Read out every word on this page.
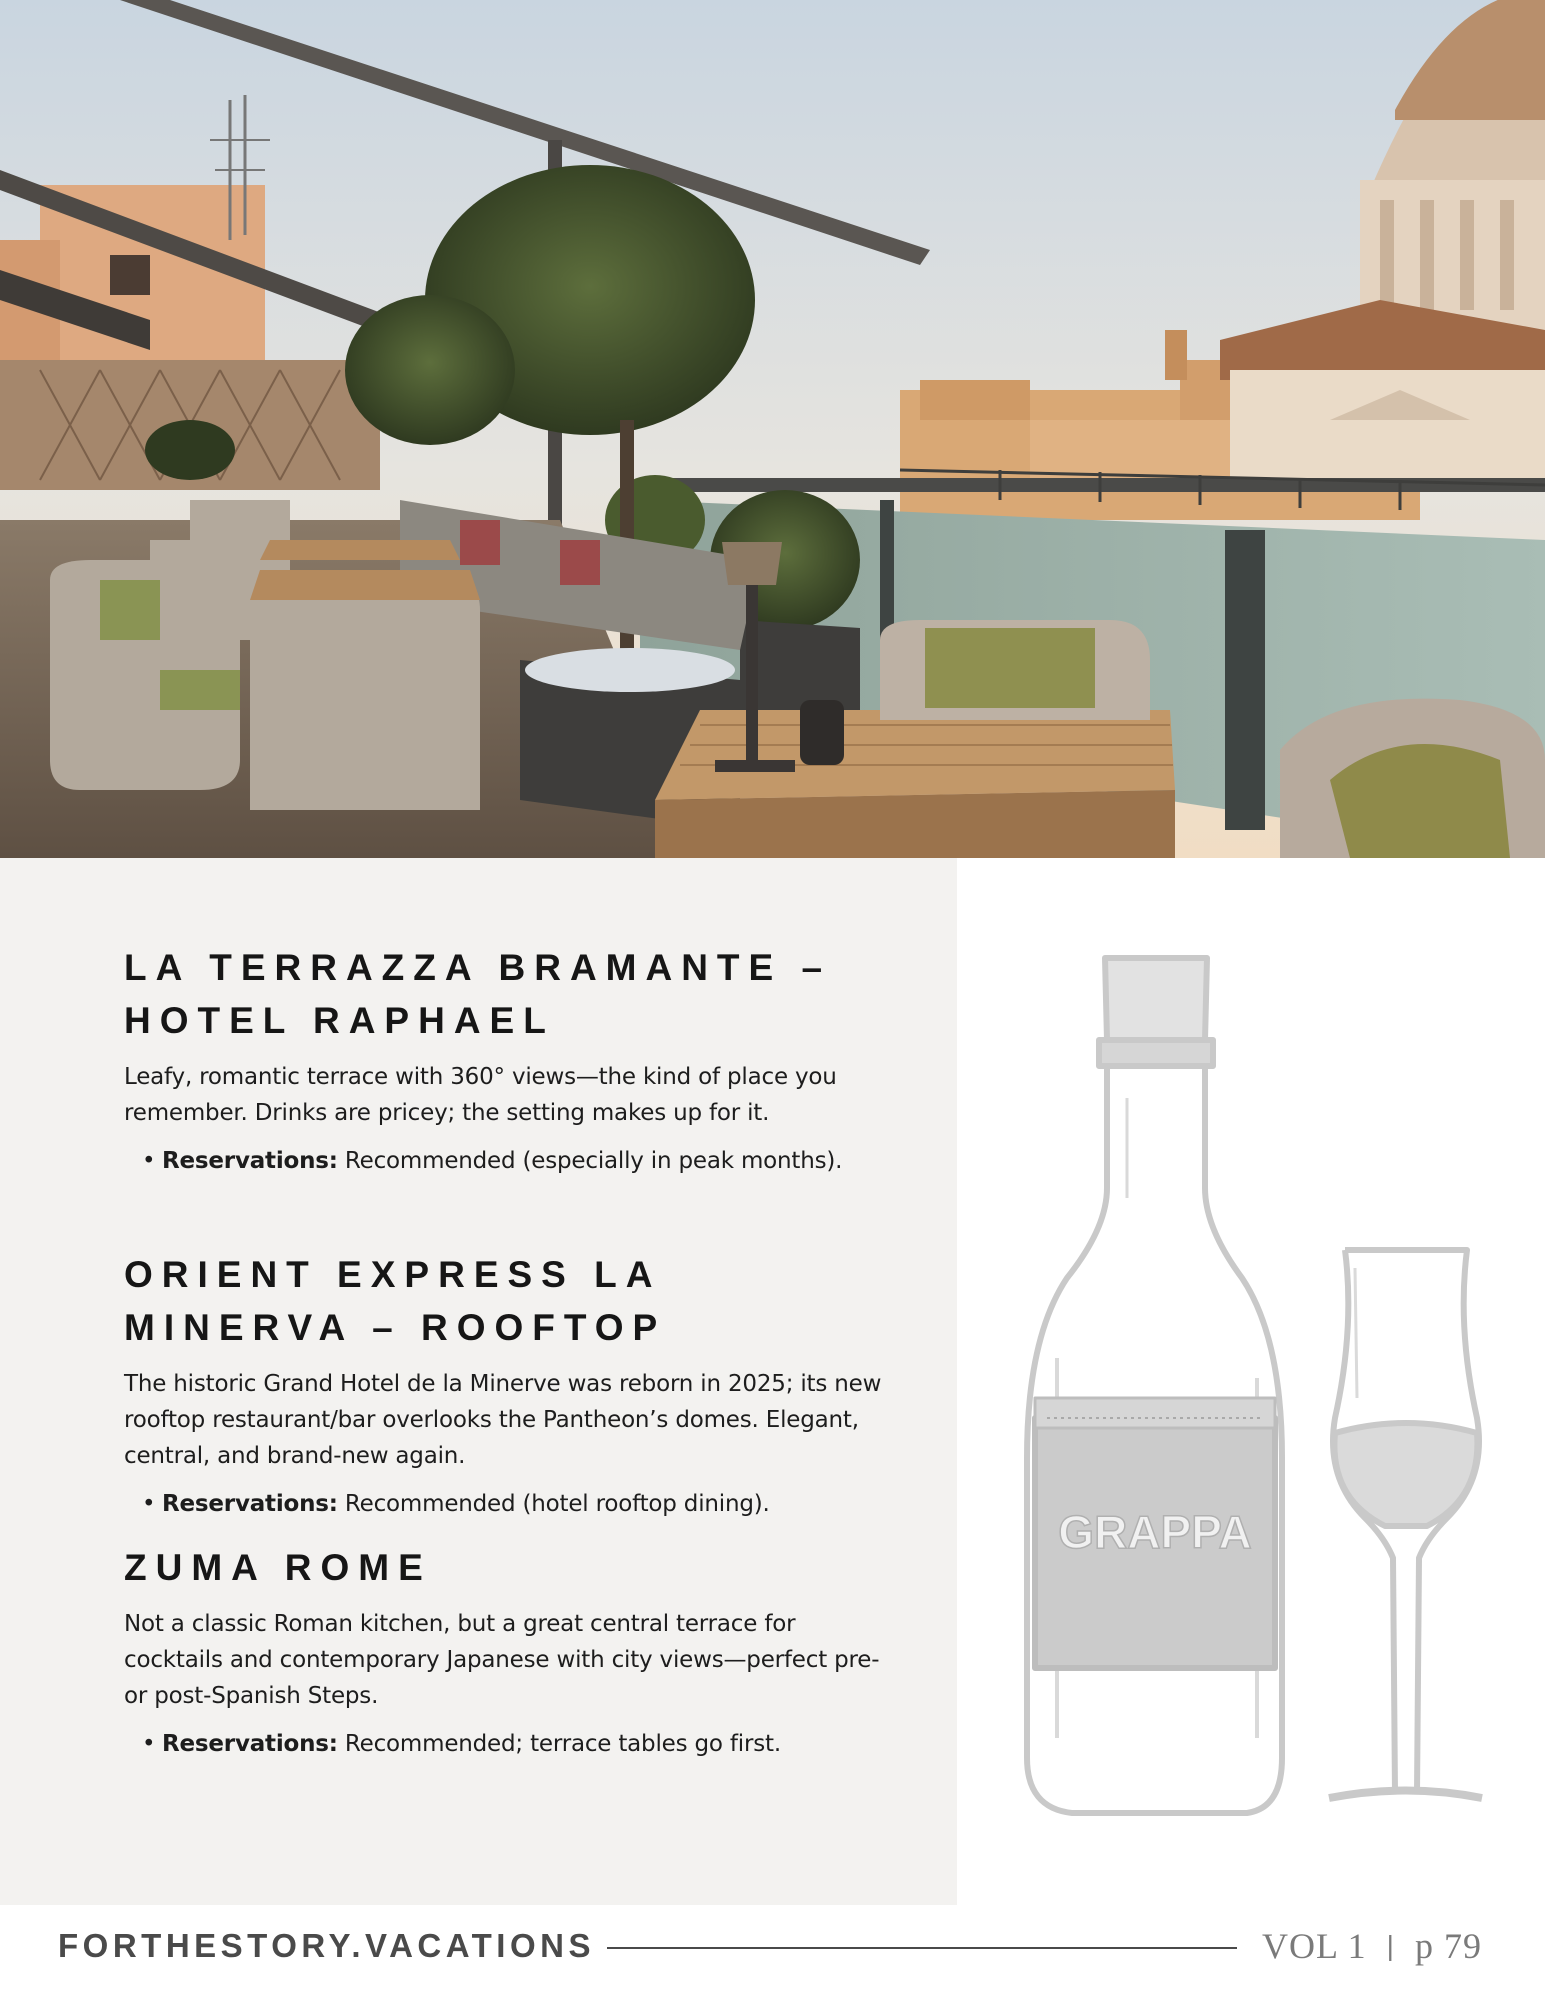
LA TERRAZZA BRAMANTE – HOTEL RAPHAEL

Leafy, romantic terrace with 360° views—the kind of place you remember. Drinks are pricey; the setting makes up for it.

• Reservations: Recommended (especially in peak months).
ORIENT EXPRESS LA MINERVA – ROOFTOP

The historic Grand Hotel de la Minerve was reborn in 2025; its new rooftop restaurant/bar overlooks the Pantheon’s domes. Elegant, central, and brand-new again.

• Reservations: Recommended (hotel rooftop dining).
ZUMA ROME

Not a classic Roman kitchen, but a great central terrace for cocktails and contemporary Japanese with city views—perfect pre- or post-Spanish Steps.

• Reservations: Recommended; terrace tables go first.
GRAPPA
FORTHESTORY.VACATIONS	VOL 1 | p 79
